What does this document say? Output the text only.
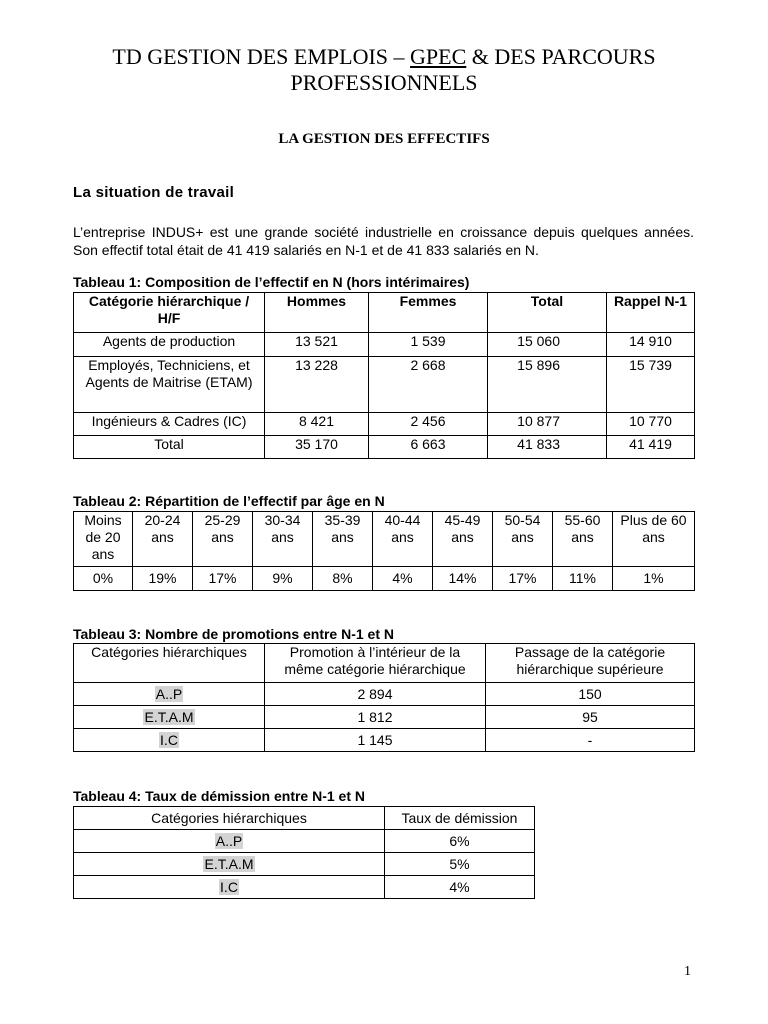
TD GESTION DES EMPLOIS – GPEC & DES PARCOURS
PROFESSIONNELS
LA GESTION DES EFFECTIFS
La situation de travail
L’entreprise INDUS+ est une grande société industrielle en croissance depuis quelques années. Son effectif total était de 41 419 salariés en N-1 et de 41 833 salariés en N.
Tableau 1: Composition de l’effectif en N (hors intérimaires)
Catégorie hiérarchique / H/F	Hommes	Femmes	Total	Rappel N-1
Agents de production	13 521	1 539	15 060	14 910
Employés, Techniciens, et Agents de Maitrise (ETAM)	13 228	2 668	15 896	15 739
Ingénieurs & Cadres (IC)	8 421	2 456	10 877	10 770
Total	35 170	6 663	41 833	41 419
Tableau 2: Répartition de l’effectif par âge en N
Moins de 20 ans	20-24 ans	25-29 ans	30-34 ans	35-39 ans	40-44 ans	45-49 ans	50-54 ans	55-60 ans	Plus de 60 ans
0%	19%	17%	9%	8%	4%	14%	17%	11%	1%
Tableau 3: Nombre de promotions entre N-1 et N
Catégories hiérarchiques	Promotion à l’intérieur de la même catégorie hiérarchique	Passage de la catégorie hiérarchique supérieure
A..P	2 894	150
E.T.A.M	1 812	95
I.C	1 145	-
Tableau 4: Taux de démission entre N-1 et N
Catégories hiérarchiques	Taux de démission
A..P	6%
E.T.A.M	5%
I.C	4%
1
